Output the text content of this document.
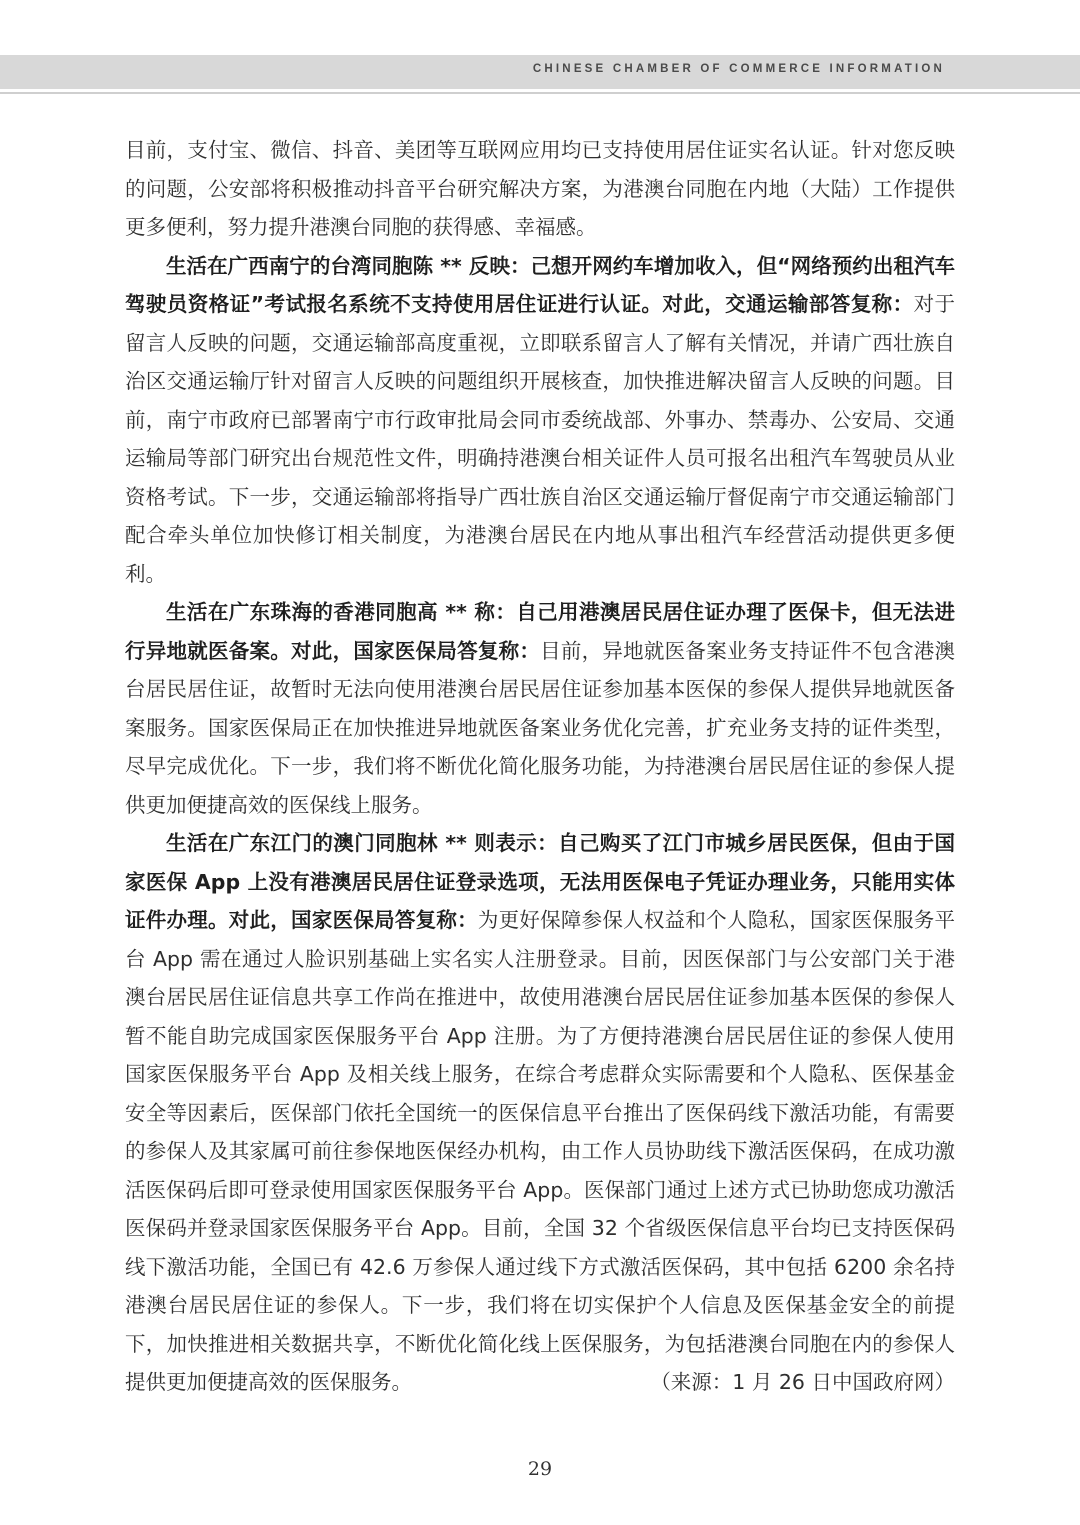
CHINESE CHAMBER OF COMMERCE INFORMATION

目前，支付宝、微信、抖音、美团等互联网应用均已支持使用居住证实名认证。针对您反映的问题，公安部将积极推动抖音平台研究解决方案，为港澳台同胞在内地（大陆）工作提供更多便利，努力提升港澳台同胞的获得感、幸福感。

生活在广西南宁的台湾同胞陈 ** 反映：己想开网约车增加收入，但“网络预约出租汽车驾驶员资格证”考试报名系统不支持使用居住证进行认证。对此，交通运输部答复称：对于留言人反映的问题，交通运输部高度重视，立即联系留言人了解有关情况，并请广西壮族自治区交通运输厅针对留言人反映的问题组织开展核查，加快推进解决留言人反映的问题。目前，南宁市政府已部署南宁市行政审批局会同市委统战部、外事办、禁毒办、公安局、交通运输局等部门研究出台规范性文件，明确持港澳台相关证件人员可报名出租汽车驾驶员从业资格考试。下一步，交通运输部将指导广西壮族自治区交通运输厅督促南宁市交通运输部门配合牵头单位加快修订相关制度，为港澳台居民在内地从事出租汽车经营活动提供更多便利。

生活在广东珠海的香港同胞高 ** 称：自己用港澳居民居住证办理了医保卡，但无法进行异地就医备案。对此，国家医保局答复称：目前，异地就医备案业务支持证件不包含港澳台居民居住证，故暂时无法向使用港澳台居民居住证参加基本医保的参保人提供异地就医备案服务。国家医保局正在加快推进异地就医备案业务优化完善，扩充业务支持的证件类型，尽早完成优化。下一步，我们将不断优化简化服务功能，为持港澳台居民居住证的参保人提供更加便捷高效的医保线上服务。

生活在广东江门的澳门同胞林 ** 则表示：自己购买了江门市城乡居民医保，但由于国家医保 App 上没有港澳居民居住证登录选项，无法用医保电子凭证办理业务，只能用实体证件办理。对此，国家医保局答复称：为更好保障参保人权益和个人隐私，国家医保服务平台 App 需在通过人脸识别基础上实名实人注册登录。目前，因医保部门与公安部门关于港澳台居民居住证信息共享工作尚在推进中，故使用港澳台居民居住证参加基本医保的参保人暂不能自助完成国家医保服务平台 App 注册。为了方便持港澳台居民居住证的参保人使用国家医保服务平台 App 及相关线上服务，在综合考虑群众实际需要和个人隐私、医保基金安全等因素后，医保部门依托全国统一的医保信息平台推出了医保码线下激活功能，有需要的参保人及其家属可前往参保地医保经办机构，由工作人员协助线下激活医保码，在成功激活医保码后即可登录使用国家医保服务平台 App。医保部门通过上述方式已协助您成功激活医保码并登录国家医保服务平台 App。目前，全国 32 个省级医保信息平台均已支持医保码线下激活功能，全国已有 42.6 万参保人通过线下方式激活医保码，其中包括 6200 余名持港澳台居民居住证的参保人。下一步，我们将在切实保护个人信息及医保基金安全的前提下，加快推进相关数据共享，不断优化简化线上医保服务，为包括港澳台同胞在内的参保人提供更加便捷高效的医保服务。	（来源：1 月 26 日中国政府网）

29
